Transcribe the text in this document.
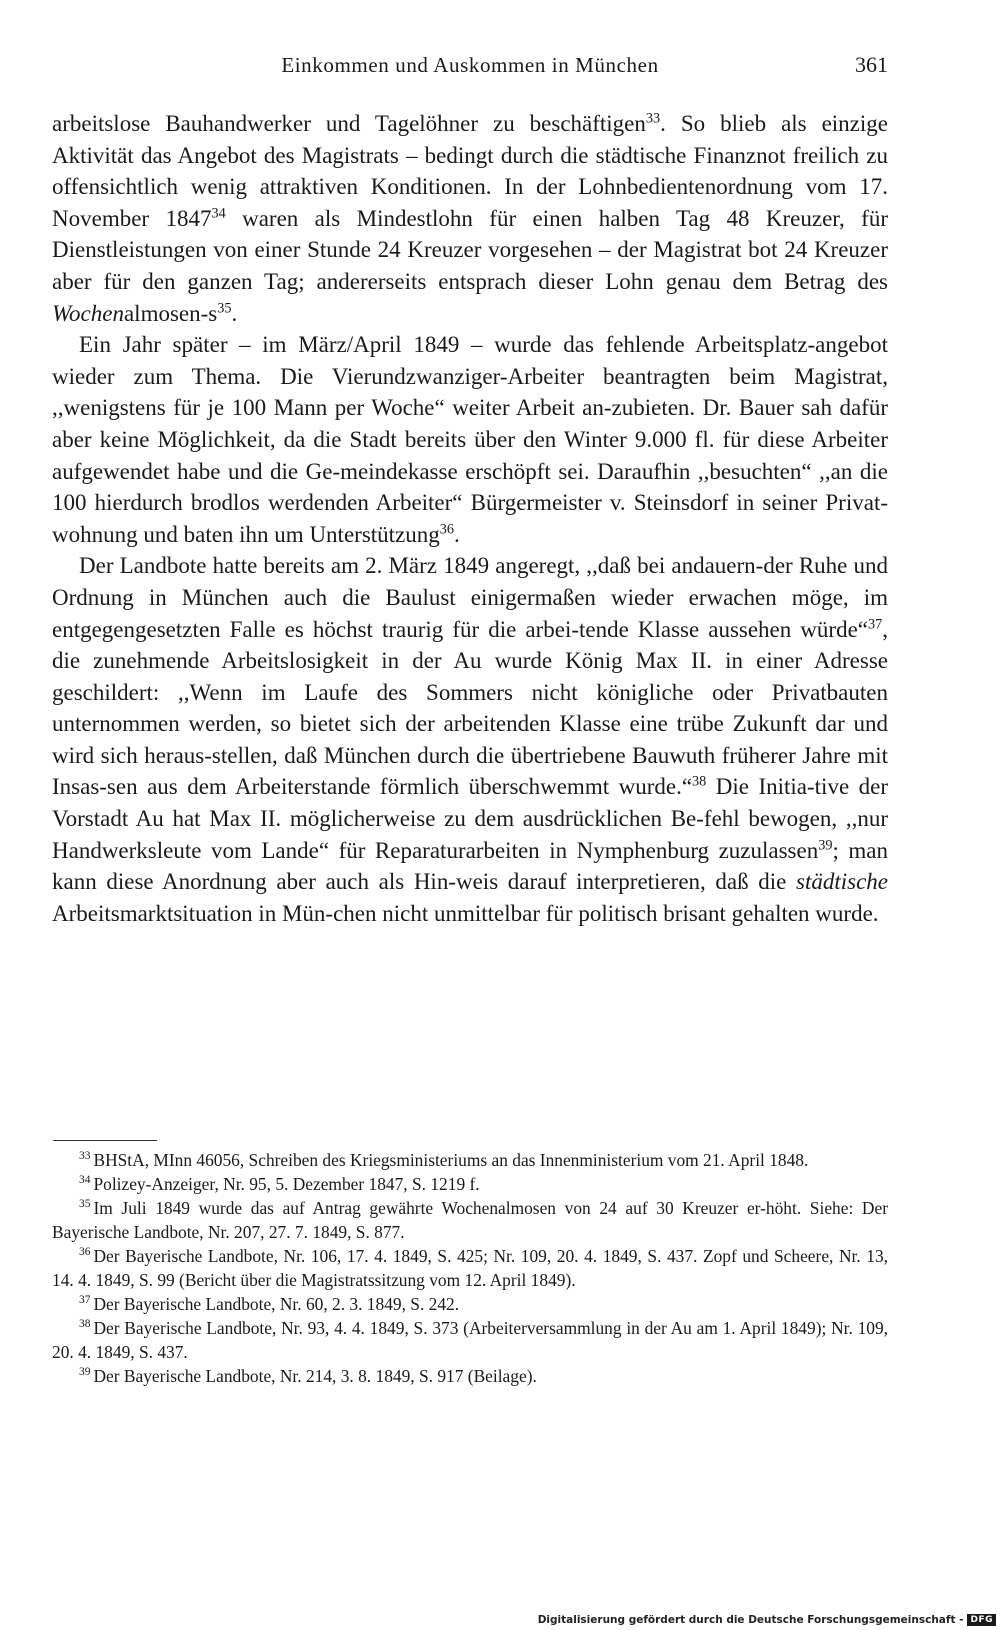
Einkommen und Auskommen in München	361

arbeitslose Bauhandwerker und Tagelöhner zu beschäftigen$^{33}$. So blieb als einzige Aktivität das Angebot des Magistrats – bedingt durch die städtische Finanznot freilich zu offensichtlich wenig attraktiven Konditionen. In der Lohnbedientenordnung vom 17. November 1847$^{34}$ waren als Mindestlohn für einen halben Tag 48 Kreuzer, für Dienstleistungen von einer Stunde 24 Kreuzer vorgesehen – der Magistrat bot 24 Kreuzer aber für den ganzen Tag; andererseits entsprach dieser Lohn genau dem Betrag des Wochenalmosen-$s^{35}$.

Ein Jahr später – im März/April 1849 – wurde das fehlende Arbeitsplatz-angebot wieder zum Thema. Die Vierundzwanziger-Arbeiter beantragten beim Magistrat, ,,wenigstens für je 100 Mann per Woche“ weiter Arbeit an-zubieten. Dr. Bauer sah dafür aber keine Möglichkeit, da die Stadt bereits über den Winter 9.000 fl. für diese Arbeiter aufgewendet habe und die Ge-meindekasse erschöpft sei. Daraufhin ,,besuchten“ ,,an die 100 hierdurch brodlos werdenden Arbeiter“ Bürgermeister v. Steinsdorf in seiner Privat-wohnung und baten ihn um Unterstützung$^{36}$.

Der Landbote hatte bereits am 2. März 1849 angeregt, ,,daß bei andauern-der Ruhe und Ordnung in München auch die Baulust einigermaßen wieder erwachen möge, im entgegengesetzten Falle es höchst traurig für die arbei-tende Klasse aussehen würde“$^{37}$, die zunehmende Arbeitslosigkeit in der Au wurde König Max II. in einer Adresse geschildert: ,,Wenn im Laufe des Sommers nicht königliche oder Privatbauten unternommen werden, so bietet sich der arbeitenden Klasse eine trübe Zukunft dar und wird sich heraus-stellen, daß München durch die übertriebene Bauwuth früherer Jahre mit Insas-sen aus dem Arbeiterstande förmlich überschwemmt wurde.“$^{38}$ Die Initia-tive der Vorstadt Au hat Max II. möglicherweise zu dem ausdrücklichen Be-fehl bewogen, ,,nur Handwerksleute vom Lande“ für Reparaturarbeiten in Nymphenburg zuzulassen$^{39}$; man kann diese Anordnung aber auch als Hin-weis darauf interpretieren, daß die städtische Arbeitsmarktsituation in Mün-chen nicht unmittelbar für politisch brisant gehalten wurde.

$^{33}$ BHStA, MInn 46056, Schreiben des Kriegsministeriums an das Innenministerium vom 21. April 1848.

$^{34}$ Polizey-Anzeiger, Nr. 95, 5. Dezember 1847, S. 1219 f.

$^{35}$ Im Juli 1849 wurde das auf Antrag gewährte Wochenalmosen von 24 auf 30 Kreuzer er-höht. Siehe: Der Bayerische Landbote, Nr. 207, 27. 7. 1849, S. 877.

$^{36}$ Der Bayerische Landbote, Nr. 106, 17. 4. 1849, S. 425; Nr. 109, 20. 4. 1849, S. 437. Zopf und Scheere, Nr. 13, 14. 4. 1849, S. 99 (Bericht über die Magistratssitzung vom 12. April 1849).

$^{37}$ Der Bayerische Landbote, Nr. 60, 2. 3. 1849, S. 242.

$^{38}$ Der Bayerische Landbote, Nr. 93, 4. 4. 1849, S. 373 (Arbeiterversammlung in der Au am 1. April 1849); Nr. 109, 20. 4. 1849, S. 437.

$^{39}$ Der Bayerische Landbote, Nr. 214, 3. 8. 1849, S. 917 (Beilage).

Digitalisierung gefördert durch die Deutsche Forschungsgemeinschaft - DFG
